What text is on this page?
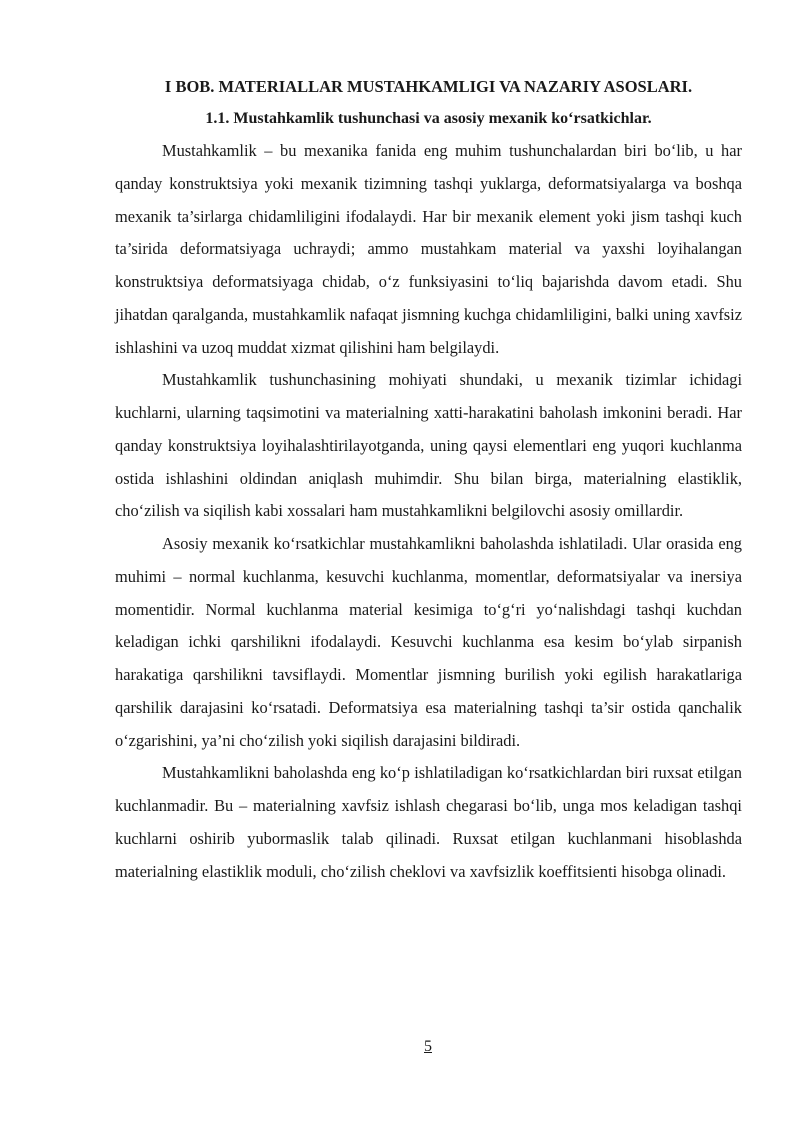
I BOB. MATERIALLAR MUSTAHKAMLIGI VA NAZARIY ASOSLARI.
1.1. Mustahkamlik tushunchasi va asosiy mexanik ko‘rsatkichlar.

Mustahkamlik – bu mexanika fanida eng muhim tushunchalardan biri bo‘lib, u har qanday konstruktsiya yoki mexanik tizimning tashqi yuklarga, deformatsiyalarga va boshqa mexanik ta’sirlarga chidamliligini ifodalaydi. Har bir mexanik element yoki jism tashqi kuch ta’sirida deformatsiyaga uchraydi; ammo mustahkam material va yaxshi loyihalangan konstruktsiya deformatsiyaga chidab, o‘z funksiyasini to‘liq bajarishda davom etadi. Shu jihatdan qaralganda, mustahkamlik nafaqat jismning kuchga chidamliligini, balki uning xavfsiz ishlashini va uzoq muddat xizmat qilishini ham belgilaydi.

Mustahkamlik tushunchasining mohiyati shundaki, u mexanik tizimlar ichidagi kuchlarni, ularning taqsimotini va materialning xatti-harakatini baholash imkonini beradi. Har qanday konstruktsiya loyihalashtirilayotganda, uning qaysi elementlari eng yuqori kuchlanma ostida ishlashini oldindan aniqlash muhimdir. Shu bilan birga, materialning elastiklik, cho‘zilish va siqilish kabi xossalari ham mustahkamlikni belgilovchi asosiy omillardir.

Asosiy mexanik ko‘rsatkichlar mustahkamlikni baholashda ishlatiladi. Ular orasida eng muhimi – normal kuchlanma, kesuvchi kuchlanma, momentlar, deformatsiyalar va inersiya momentidir. Normal kuchlanma material kesimiga to‘g‘ri yo‘nalishdagi tashqi kuchdan keladigan ichki qarshilikni ifodalaydi. Kesuvchi kuchlanma esa kesim bo‘ylab sirpanish harakatiga qarshilikni tavsiflaydi. Momentlar jismning burilish yoki egilish harakatlariga qarshilik darajasini ko‘rsatadi. Deformatsiya esa materialning tashqi ta’sir ostida qanchalik o‘zgarishini, ya’ni cho‘zilish yoki siqilish darajasini bildiradi.

Mustahkamlikni baholashda eng ko‘p ishlatiladigan ko‘rsatkichlardan biri ruxsat etilgan kuchlanmadir. Bu – materialning xavfsiz ishlash chegarasi bo‘lib, unga mos keladigan tashqi kuchlarni oshirib yubormaslik talab qilinadi. Ruxsat etilgan kuchlanmani hisoblashda materialning elastiklik moduli, cho‘zilish cheklovi va xavfsizlik koeffitsienti hisobga olinadi.

5
